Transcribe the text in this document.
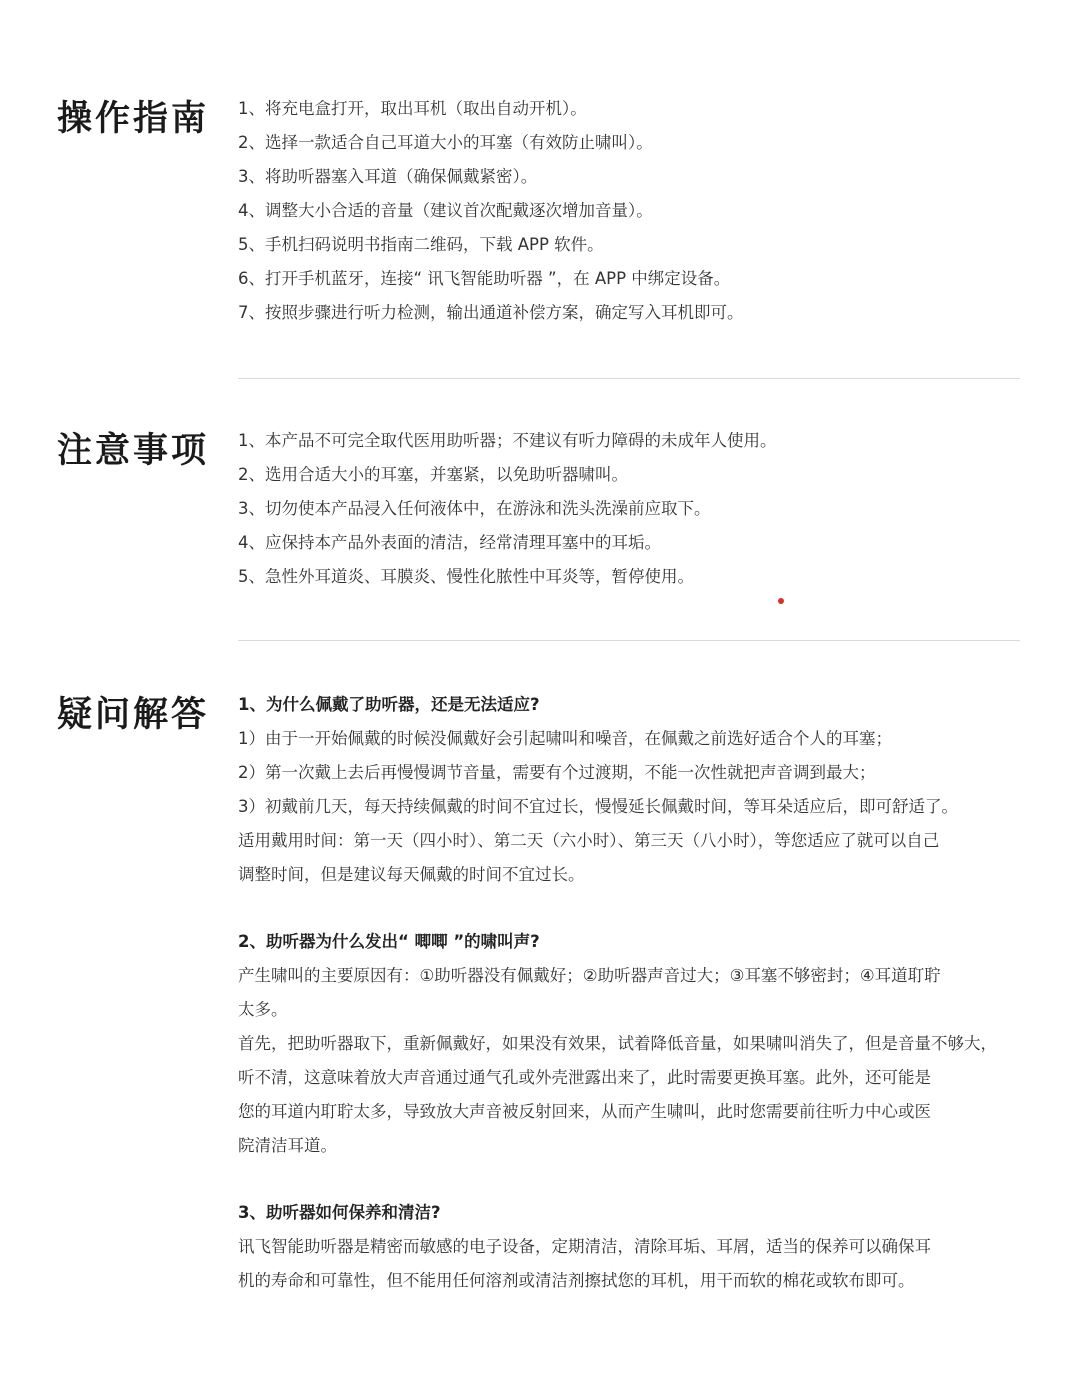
操作指南 1、将充电盒打开，取出耳机（取出自动开机）。
2、选择一款适合自己耳道大小的耳塞（有效防止啸叫）。
3、将助听器塞入耳道（确保佩戴紧密）。
4、调整大小合适的音量（建议首次配戴逐次增加音量）。
5、手机扫码说明书指南二维码，下载 APP 软件。
6、打开手机蓝牙，连接“ 讯飞智能助听器 ”，在 APP 中绑定设备。
7、按照步骤进行听力检测，输出通道补偿方案，确定写入耳机即可。
注意事项 1、本产品不可完全取代医用助听器；不建议有听力障碍的未成年人使用。
2、选用合适大小的耳塞，并塞紧，以免助听器啸叫。
3、切勿使本产品浸入任何液体中，在游泳和洗头洗澡前应取下。
4、应保持本产品外表面的清洁，经常清理耳塞中的耳垢。
5、急性外耳道炎、耳膜炎、慢性化脓性中耳炎等，暂停使用。
疑问解答 1、为什么佩戴了助听器，还是无法适应?
1）由于一开始佩戴的时候没佩戴好会引起啸叫和噪音，在佩戴之前选好适合个人的耳塞；
2）第一次戴上去后再慢慢调节音量，需要有个过渡期，不能一次性就把声音调到最大；
3）初戴前几天，每天持续佩戴的时间不宜过长，慢慢延长佩戴时间，等耳朵适应后，即可舒适了。
适用戴用时间：第一天（四小时）、第二天（六小时）、第三天（八小时），等您适应了就可以自己
调整时间，但是建议每天佩戴的时间不宜过长。
2、助听器为什么发出“ 唧唧 ”的啸叫声?
产生啸叫的主要原因有：①助听器没有佩戴好；②助听器声音过大；③耳塞不够密封；④耳道耵聍
太多。
首先，把助听器取下，重新佩戴好，如果没有效果，试着降低音量，如果啸叫消失了，但是音量不够大，
听不清，这意味着放大声音通过通气孔或外壳泄露出来了，此时需要更换耳塞。此外，还可能是
您的耳道内耵聍太多，导致放大声音被反射回来，从而产生啸叫，此时您需要前往听力中心或医
院清洁耳道。
3、助听器如何保养和清洁?
讯飞智能助听器是精密而敏感的电子设备，定期清洁，清除耳垢、耳屑，适当的保养可以确保耳
机的寿命和可靠性，但不能用任何溶剂或清洁剂擦拭您的耳机，用干而软的棉花或软布即可。
